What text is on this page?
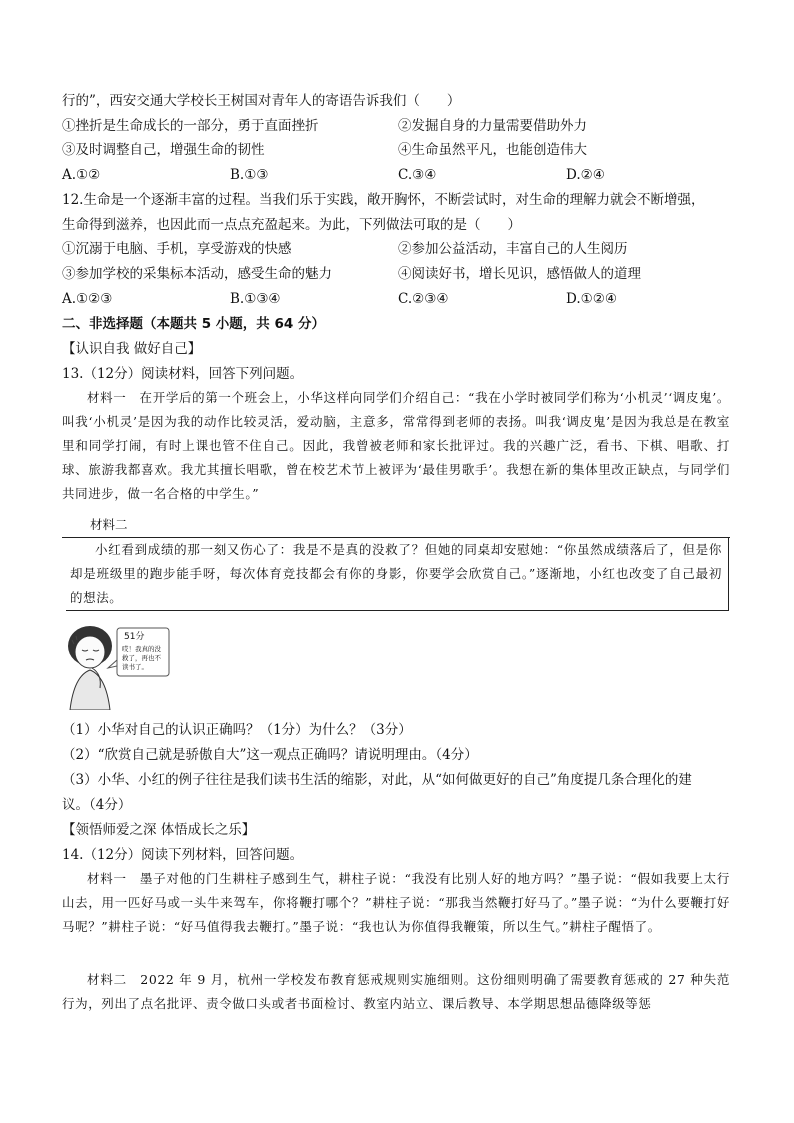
行的”，西安交通大学校长王树国对青年人的寄语告诉我们（　　）
①挫折是生命成长的一部分，勇于直面挫折	②发掘自身的力量需要借助外力
③及时调整自己，增强生命的韧性	④生命虽然平凡，也能创造伟大
A.①②	B.①③	C.③④	D.②④
12.生命是一个逐渐丰富的过程。当我们乐于实践，敞开胸怀，不断尝试时，对生命的理解力就会不断增强，
生命得到滋养，也因此而一点点充盈起来。为此，下列做法可取的是（　　）
①沉溺于电脑、手机，享受游戏的快感	②参加公益活动，丰富自己的人生阅历
③参加学校的采集标本活动，感受生命的魅力	④阅读好书，增长见识，感悟做人的道理
A.①②③	B.①③④	C.②③④	D.①②④
二、非选择题（本题共 5 小题，共 64 分）
【认识自我 做好自己】
13.（12分）阅读材料，回答下列问题。

材料一　在开学后的第一个班会上，小华这样向同学们介绍自己：“我在小学时被同学们称为‘小机灵’‘调皮鬼’。叫我‘小机灵’是因为我的动作比较灵活，爱动脑，主意多，常常得到老师的表扬。叫我‘调皮鬼’是因为我总是在教室里和同学打闹，有时上课也管不住自己。因此，我曾被老师和家长批评过。我的兴趣广泛，看书、下棋、唱歌、打球、旅游我都喜欢。我尤其擅长唱歌，曾在校艺术节上被评为‘最佳男歌手’。我想在新的集体里改正缺点，与同学们共同进步，做一名合格的中学生。”

材料二

小红看到成绩的那一刻又伤心了：我是不是真的没救了？但她的同桌却安慰她：“你虽然成绩落后了，但是你却是班级里的跑步能手呀，每次体育竞技都会有你的身影，你要学会欣赏自己。”逐渐地，小红也改变了自己最初的想法。

51分
哎！我真的没
救了，再也不
读书了。
（1）小华对自己的认识正确吗？（1分）为什么？（3分）
（2）“欣赏自己就是骄傲自大”这一观点正确吗？请说明理由。（4分）
（3）小华、小红的例子往往是我们读书生活的缩影，对此，从“如何做更好的自己”角度提几条合理化的建
议。（4分）
【领悟师爱之深 体悟成长之乐】
14.（12分）阅读下列材料，回答问题。

材料一　墨子对他的门生耕柱子感到生气，耕柱子说：“我没有比别人好的地方吗？”墨子说：“假如我要上太行山去，用一匹好马或一头牛来驾车，你将鞭打哪个？”耕柱子说：“那我当然鞭打好马了。”墨子说：“为什么要鞭打好马呢？”耕柱子说：“好马值得我去鞭打。”墨子说：“我也认为你值得我鞭策，所以生气。”耕柱子醒悟了。

材料二　2022 年 9 月，杭州一学校发布教育惩戒规则实施细则。这份细则明确了需要教育惩戒的 27 种失范行为，列出了点名批评、责令做口头或者书面检讨、教室内站立、课后教导、本学期思想品德降级等惩
